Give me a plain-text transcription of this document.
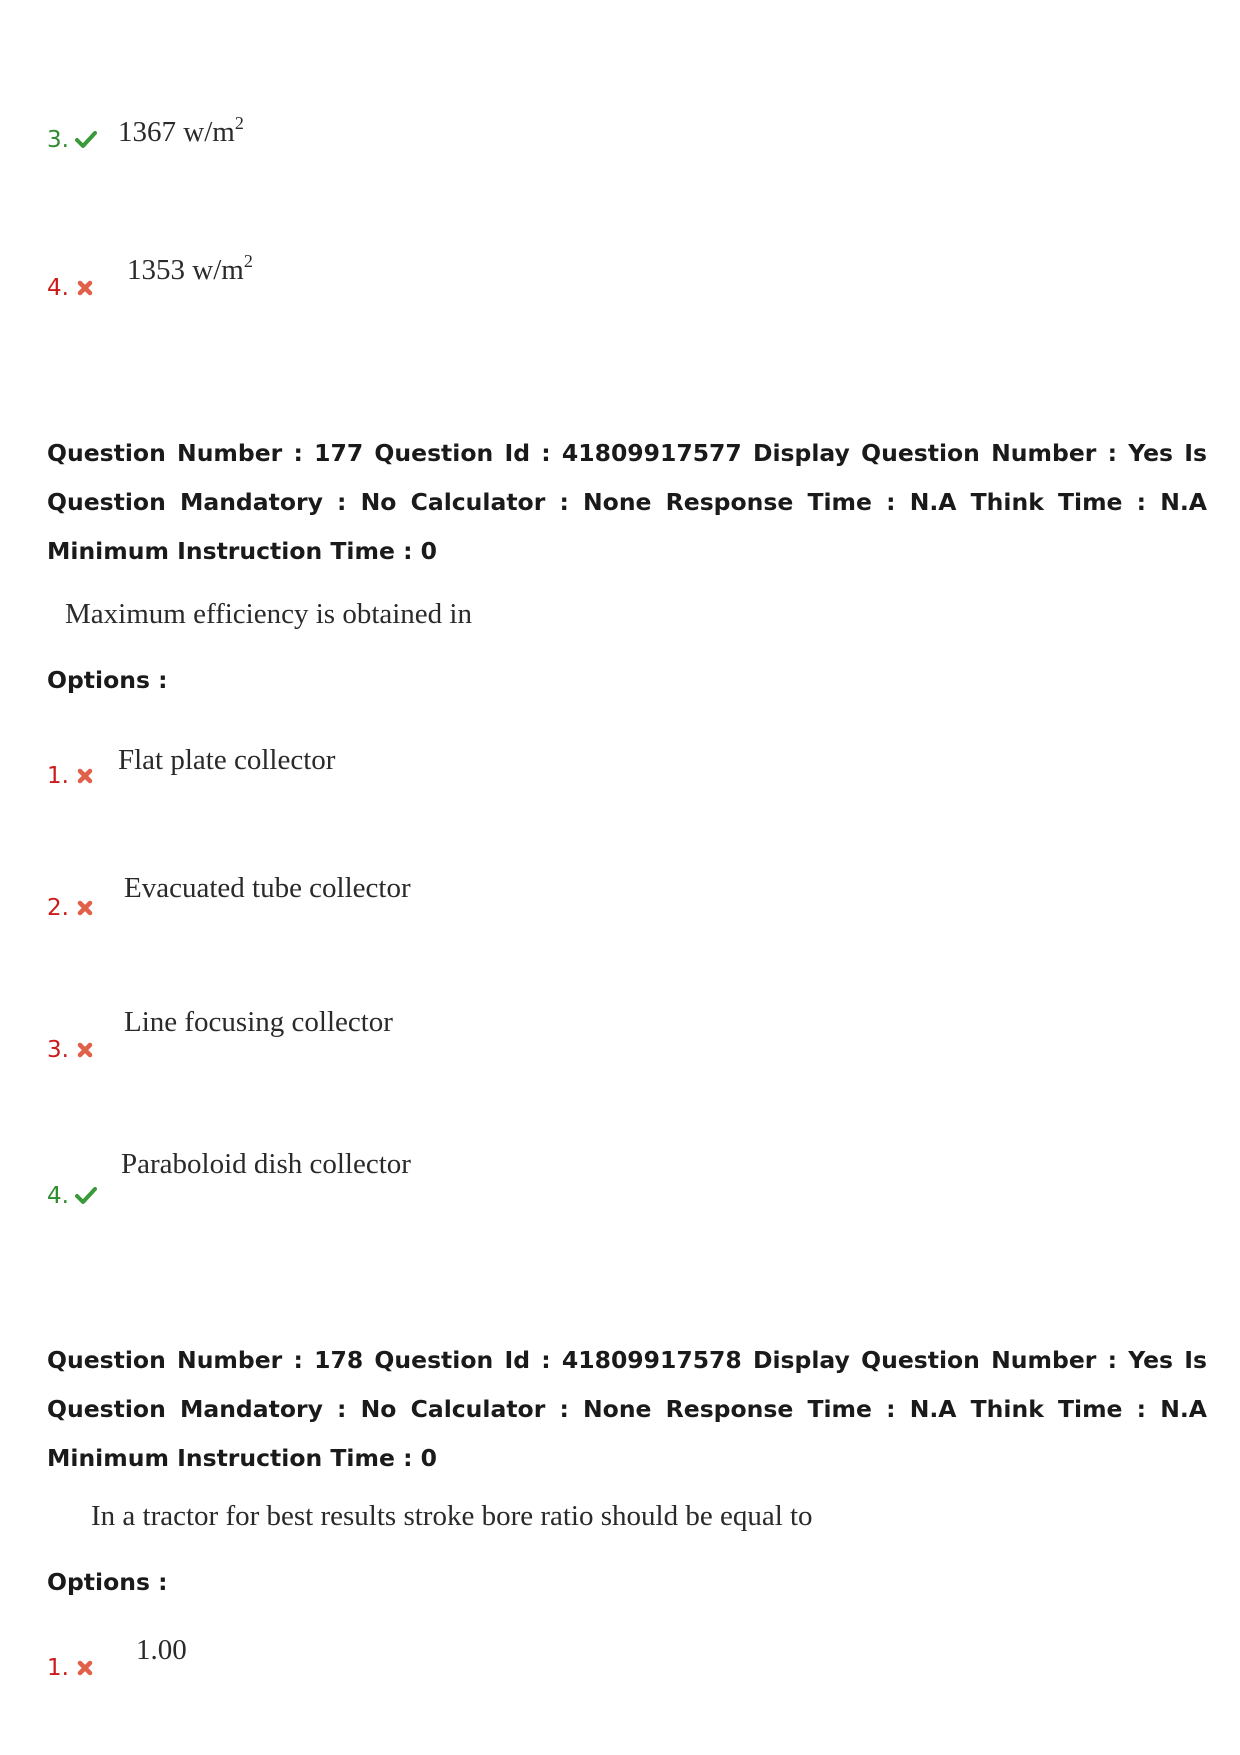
3.	1367 $w/m^2$
4.
1353 $w/m^2$
Question Number : 177 Question Id : 41809917577 Display Question Number : Yes Is Question Mandatory : No Calculator : None Response Time : N.A Think Time : N.A Minimum Instruction Time : 0
Maximum efficiency is obtained in
Options :
1.	Flat plate collector
2.
Evacuated tube collector
3.
Line focusing collector
4.
Paraboloid dish collector
Question Number : 178 Question Id : 41809917578 Display Question Number : Yes Is Question Mandatory : No Calculator : None Response Time : N.A Think Time : N.A Minimum Instruction Time : 0
In a tractor for best results stroke bore ratio should be equal to
Options :
1.
1.00
